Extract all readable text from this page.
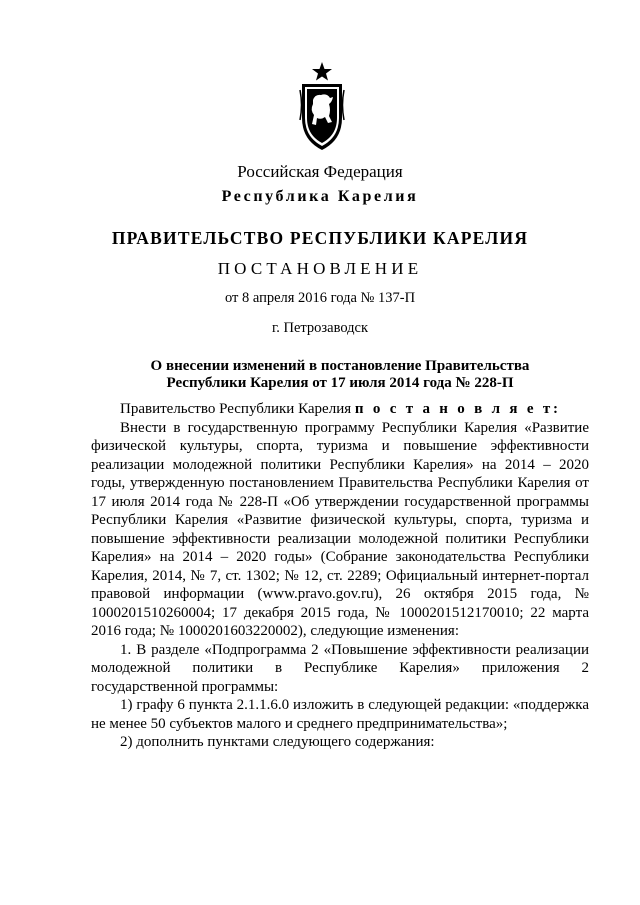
Российская Федерация
Республика Карелия
ПРАВИТЕЛЬСТВО РЕСПУБЛИКИ КАРЕЛИЯ
ПОСТАНОВЛЕНИЕ
от 8 апреля 2016 года № 137-П
г. Петрозаводск
О внесении изменений в постановление Правительства
Республики Карелия от 17 июля 2014 года № 228-П

Правительство Республики Карелия п о с т а н о в л я е т:

Внести в государственную программу Республики Карелия «Развитие физической культуры, спорта, туризма и повышение эффективности реализации молодежной политики Республики Карелия» на 2014 – 2020 годы, утвержденную постановлением Правительства Республики Карелия от 17 июля 2014 года № 228-П «Об утверждении государственной программы Республики Карелия «Развитие физической культуры, спорта, туризма и повышение эффективности реализации молодежной политики Республики Карелия» на 2014 – 2020 годы» (Собрание законодательства Республики Карелия, 2014, № 7, ст. 1302; № 12, ст. 2289; Официальный интернет-портал правовой информации (www.pravo.gov.ru), 26 октября 2015 года, № 1000201510260004; 17 декабря 2015 года, № 1000201512170010; 22 марта 2016 года; № 1000201603220002), следующие изменения:

1. В разделе «Подпрограмма 2 «Повышение эффективности реализации молодежной политики в Республике Карелия» приложения 2 государственной программы:

1) графу 6 пункта 2.1.1.6.0 изложить в следующей редакции: «поддержка не менее 50 субъектов малого и среднего предпринимательства»;

2) дополнить пунктами следующего содержания:
